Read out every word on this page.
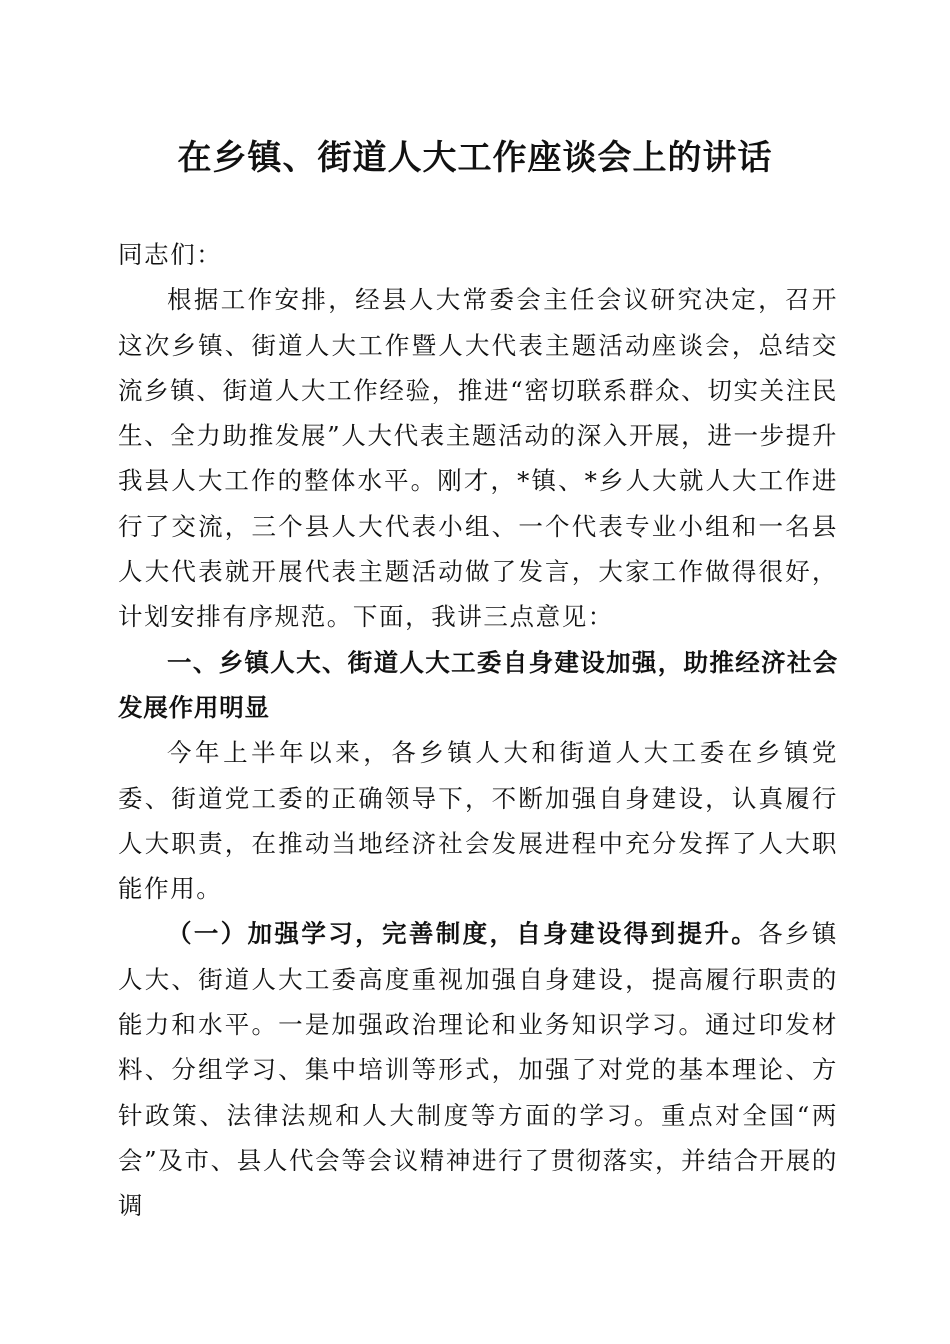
在乡镇、街道人大工作座谈会上的讲话

同志们：

根据工作安排，经县人大常委会主任会议研究决定，召开这次乡镇、街道人大工作暨人大代表主题活动座谈会，总结交流乡镇、街道人大工作经验，推进“密切联系群众、切实关注民生、全力助推发展”人大代表主题活动的深入开展，进一步提升我县人大工作的整体水平。刚才，*镇、*乡人大就人大工作进行了交流，三个县人大代表小组、一个代表专业小组和一名县人大代表就开展代表主题活动做了发言，大家工作做得很好，计划安排有序规范。下面，我讲三点意见：

一、乡镇人大、街道人大工委自身建设加强，助推经济社会发展作用明显

今年上半年以来，各乡镇人大和街道人大工委在乡镇党委、街道党工委的正确领导下，不断加强自身建设，认真履行人大职责，在推动当地经济社会发展进程中充分发挥了人大职能作用。

（一）加强学习，完善制度，自身建设得到提升。各乡镇人大、街道人大工委高度重视加强自身建设，提高履行职责的能力和水平。一是加强政治理论和业务知识学习。通过印发材料、分组学习、集中培训等形式，加强了对党的基本理论、方针政策、法律法规和人大制度等方面的学习。重点对全国“两会”及市、县人代会等会议精神进行了贯彻落实，并结合开展的调
